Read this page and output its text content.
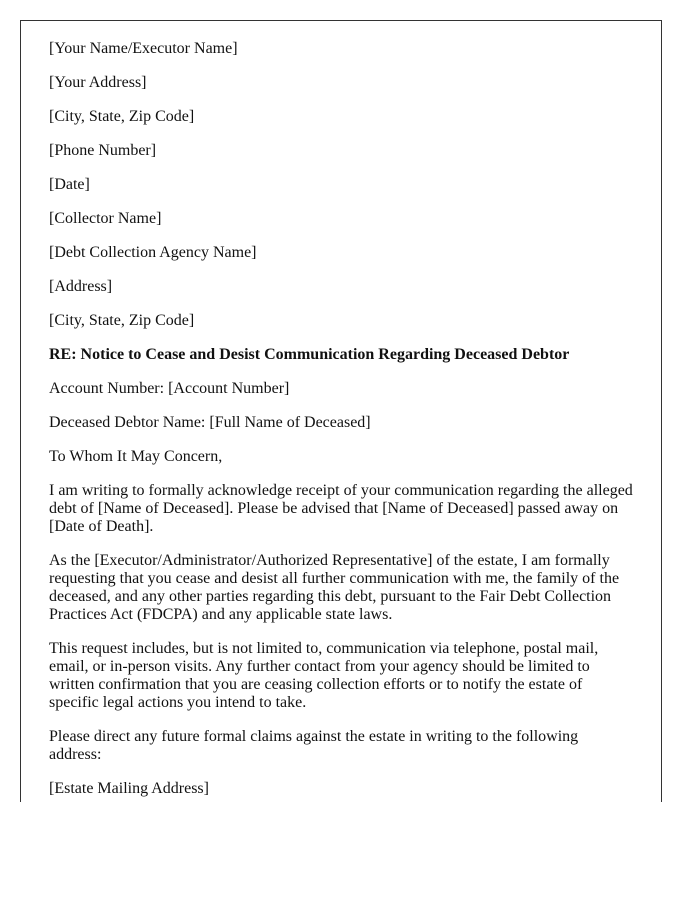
[Your Name/Executor Name]

[Your Address]

[City, State, Zip Code]

[Phone Number]

[Date]

[Collector Name]

[Debt Collection Agency Name]

[Address]

[City, State, Zip Code]

RE: Notice to Cease and Desist Communication Regarding Deceased Debtor

Account Number: [Account Number]

Deceased Debtor Name: [Full Name of Deceased]

To Whom It May Concern,

I am writing to formally acknowledge receipt of your communication regarding the alleged debt of [Name of Deceased]. Please be advised that [Name of Deceased] passed away on [Date of Death].

As the [Executor/Administrator/Authorized Representative] of the estate, I am formally requesting that you cease and desist all further communication with me, the family of the deceased, and any other parties regarding this debt, pursuant to the Fair Debt Collection Practices Act (FDCPA) and any applicable state laws.

This request includes, but is not limited to, communication via telephone, postal mail, email, or in-person visits. Any further contact from your agency should be limited to written confirmation that you are ceasing collection efforts or to notify the estate of specific legal actions you intend to take.

Please direct any future formal claims against the estate in writing to the following address:

[Estate Mailing Address]
